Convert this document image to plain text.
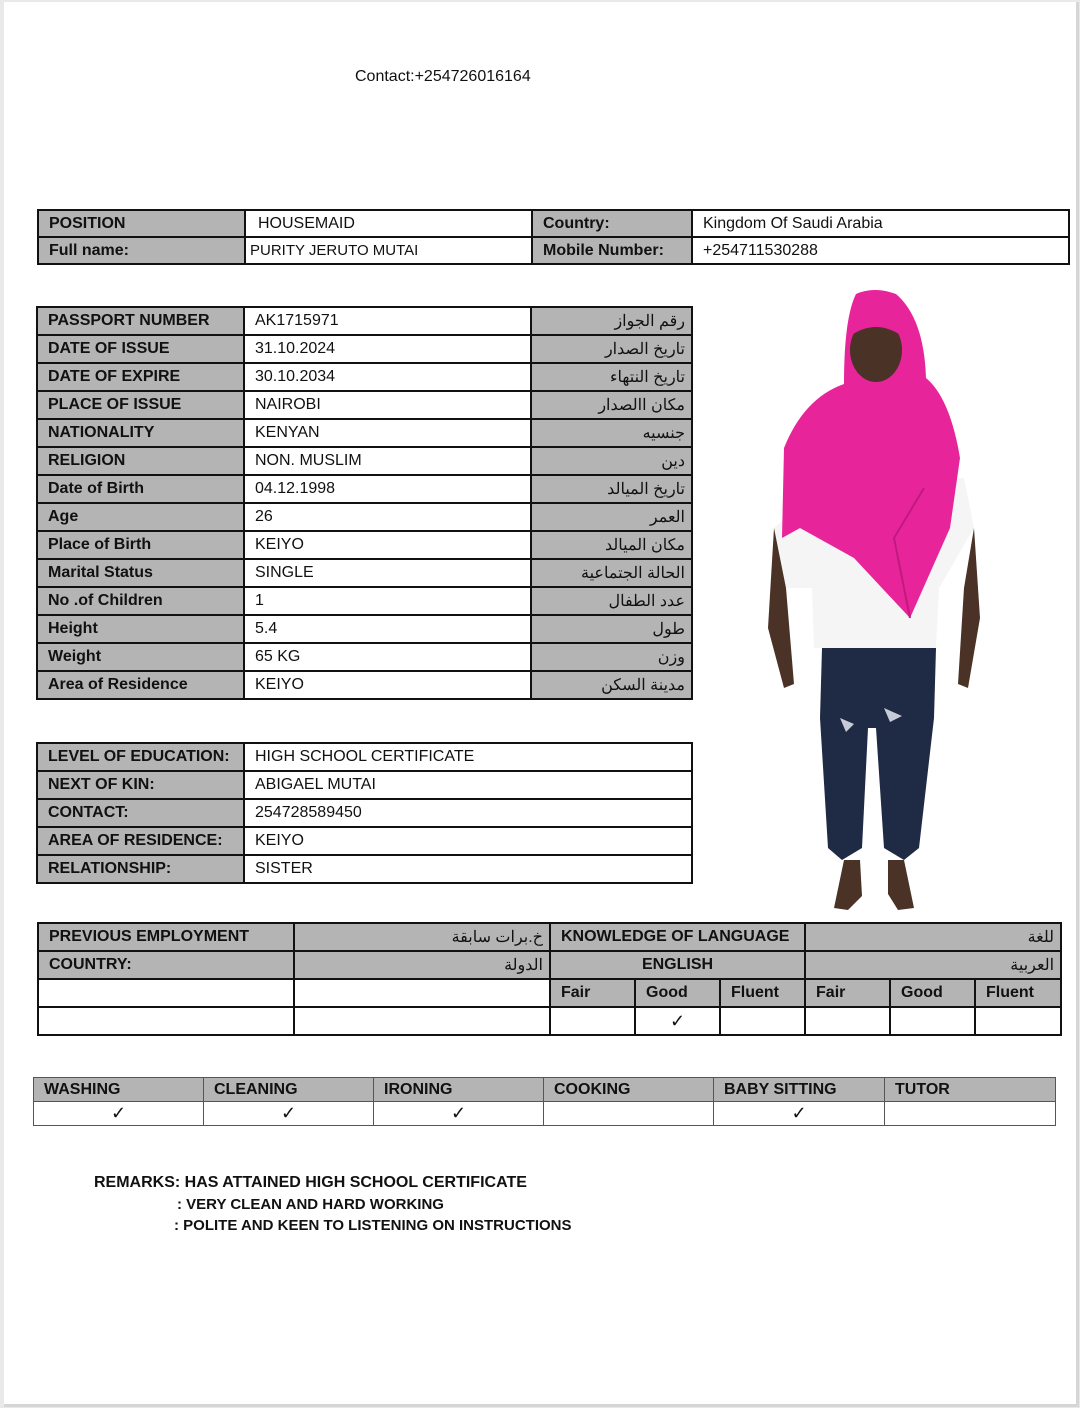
Contact:+254726016164
POSITION	HOUSEMAID	Country:	Kingdom Of Saudi Arabia
Full name:	PURITY JERUTO MUTAI	Mobile Number:	+254711530288
PASSPORT NUMBER	AK1715971	رقم الجواز
DATE OF ISSUE	31.10.2024	تاريخ الصدار
DATE OF EXPIRE	30.10.2034	تاريخ النتهاء
PLACE OF ISSUE	NAIROBI	مكان االصدار
NATIONALITY	KENYAN	جنسيه
RELIGION	NON. MUSLIM	دين
Date of Birth	04.12.1998	تاريخ الميالد
Age	26	العمر
Place of Birth	KEIYO	مكان الميالد
Marital Status	SINGLE	الحالة الجتماعية
No .of Children	1	عدد الطفال
Height	5.4	طول
Weight	65 KG	وزن
Area of Residence	KEIYO	مدينة السكن
LEVEL OF EDUCATION:	HIGH SCHOOL CERTIFICATE
NEXT OF KIN:	ABIGAEL MUTAI
CONTACT:	254728589450
AREA OF RESIDENCE:	KEIYO
RELATIONSHIP:	SISTER
PREVIOUS EMPLOYMENT	خ.برات سابقة	KNOWLEDGE OF LANGUAGE			للغة		
COUNTRY:	الدولة	ENGLISH			العربية		
		Fair	Good	Fluent	Fair	Good	Fluent
			✓				
WASHING	CLEANING	IRONING	COOKING	BABY SITTING	TUTOR
✓	✓	✓		✓	
REMARKS: HAS ATTAINED HIGH SCHOOL CERTIFICATE
: VERY CLEAN AND HARD WORKING
: POLITE AND KEEN TO LISTENING ON INSTRUCTIONS
